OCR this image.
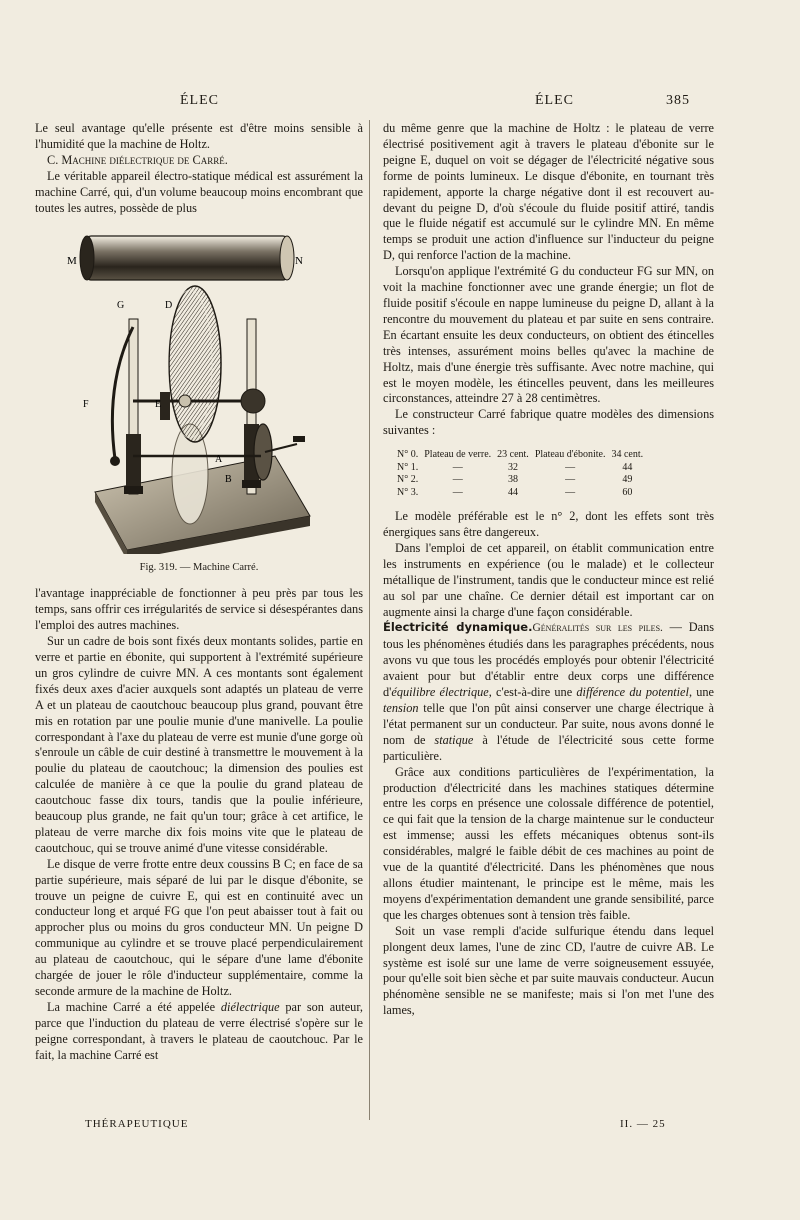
ÉLEC	ÉLEC	385

Le seul avantage qu'elle présente est d'être moins sensible à l'humidité que la machine de Holtz.

C. Machine diélectrique de Carré.

Le véritable appareil électro-statique médical est assurément la machine Carré, qui, d'un volume beaucoup moins encombrant que toutes les autres, possède de plus

M	N
G	D
F	E
A
B

Fig. 319. — Machine Carré.

l'avantage inappréciable de fonctionner à peu près par tous les temps, sans offrir ces irrégularités de service si désespérantes dans l'emploi des autres machines.

Sur un cadre de bois sont fixés deux montants solides, partie en verre et partie en ébonite, qui supportent à l'extrémité supérieure un gros cylindre de cuivre MN. A ces montants sont également fixés deux axes d'acier auxquels sont adaptés un plateau de verre A et un plateau de caoutchouc beaucoup plus grand, pouvant être mis en rotation par une poulie munie d'une manivelle. La poulie correspondant à l'axe du plateau de verre est munie d'une gorge où s'enroule un câble de cuir destiné à transmettre le mouvement à la poulie du plateau de caoutchouc; la dimension des poulies est calculée de manière à ce que la poulie du grand plateau de caoutchouc fasse dix tours, tandis que la poulie inférieure, beaucoup plus grande, ne fait qu'un tour; grâce à cet artifice, le plateau de verre marche dix fois moins vite que le plateau de caoutchouc, qui se trouve animé d'une vitesse considérable.

Le disque de verre frotte entre deux coussins B C; en face de sa partie supérieure, mais séparé de lui par le disque d'ébonite, se trouve un peigne de cuivre E, qui est en continuité avec un conducteur long et arqué FG que l'on peut abaisser tout à fait ou approcher plus ou moins du gros conducteur MN. Un peigne D communique au cylindre et se trouve placé perpendiculairement au plateau de caoutchouc, qui le sépare d'une lame d'ébonite chargée de jouer le rôle d'inducteur supplémentaire, comme la seconde armure de la machine de Holtz.

La machine Carré a été appelée diélectrique par son auteur, parce que l'induction du plateau de verre électrisé s'opère sur le peigne correspondant, à travers le plateau de caoutchouc. Par le fait, la machine Carré est

du même genre que la machine de Holtz : le plateau de verre électrisé positivement agit à travers le plateau d'ébonite sur le peigne E, duquel on voit se dégager de l'électricité négative sous forme de points lumineux. Le disque d'ébonite, en tournant très rapidement, apporte la charge négative dont il est recouvert au-devant du peigne D, d'où s'écoule du fluide positif attiré, tandis que le fluide négatif est accumulé sur le cylindre MN. En même temps se produit une action d'influence sur l'inducteur du peigne D, qui renforce l'action de la machine.

Lorsqu'on applique l'extrémité G du conducteur FG sur MN, on voit la machine fonctionner avec une grande énergie; un flot de fluide positif s'écoule en nappe lumineuse du peigne D, allant à la rencontre du mouvement du plateau et par suite en sens contraire. En écartant ensuite les deux conducteurs, on obtient des étincelles très intenses, assurément moins belles qu'avec la machine de Holtz, mais d'une énergie très suffisante. Avec notre machine, qui est le moyen modèle, les étincelles peuvent, dans les meilleures circonstances, atteindre 27 à 28 centimètres.

Le constructeur Carré fabrique quatre modèles des dimensions suivantes :

N° 0.	Plateau de verre.	23 cent.	Plateau d'ébonite.	34 cent.
N° 1.	—	32	—	44
N° 2.	—	38	—	49
N° 3.	—	44	—	60

Le modèle préférable est le n° 2, dont les effets sont très énergiques sans être dangereux.

Dans l'emploi de cet appareil, on établit communication entre les instruments en expérience (ou le malade) et le collecteur métallique de l'instrument, tandis que le conducteur mince est relié au sol par une chaîne. Ce dernier détail est important car on augmente ainsi la charge d'une façon considérable.

Électricité dynamique.Généralités sur les piles. — Dans tous les phénomènes étudiés dans les paragraphes précédents, nous avons vu que tous les procédés employés pour obtenir l'électricité avaient pour but d'établir entre deux corps une différence d'équilibre électrique, c'est-à-dire une différence du potentiel, une tension telle que l'on pût ainsi conserver une charge électrique à l'état permanent sur un conducteur. Par suite, nous avons donné le nom de statique à l'étude de l'électricité sous cette forme particulière.

Grâce aux conditions particulières de l'expérimentation, la production d'électricité dans les machines statiques détermine entre les corps en présence une colossale différence de potentiel, ce qui fait que la tension de la charge maintenue sur le conducteur est immense; aussi les effets mécaniques obtenus sont-ils considérables, malgré le faible débit de ces machines au point de vue de la quantité d'électricité. Dans les phénomènes que nous allons étudier maintenant, le principe est le même, mais les moyens d'expérimentation demandent une grande sensibilité, parce que les charges obtenues sont à tension très faible.

Soit un vase rempli d'acide sulfurique étendu dans lequel plongent deux lames, l'une de zinc CD, l'autre de cuivre AB. Le système est isolé sur une lame de verre soigneusement essuyée, pour qu'elle soit bien sèche et par suite mauvais conducteur. Aucun phénomène sensible ne se manifeste; mais si l'on met l'une des lames,

THÉRAPEUTIQUE	II. — 25
